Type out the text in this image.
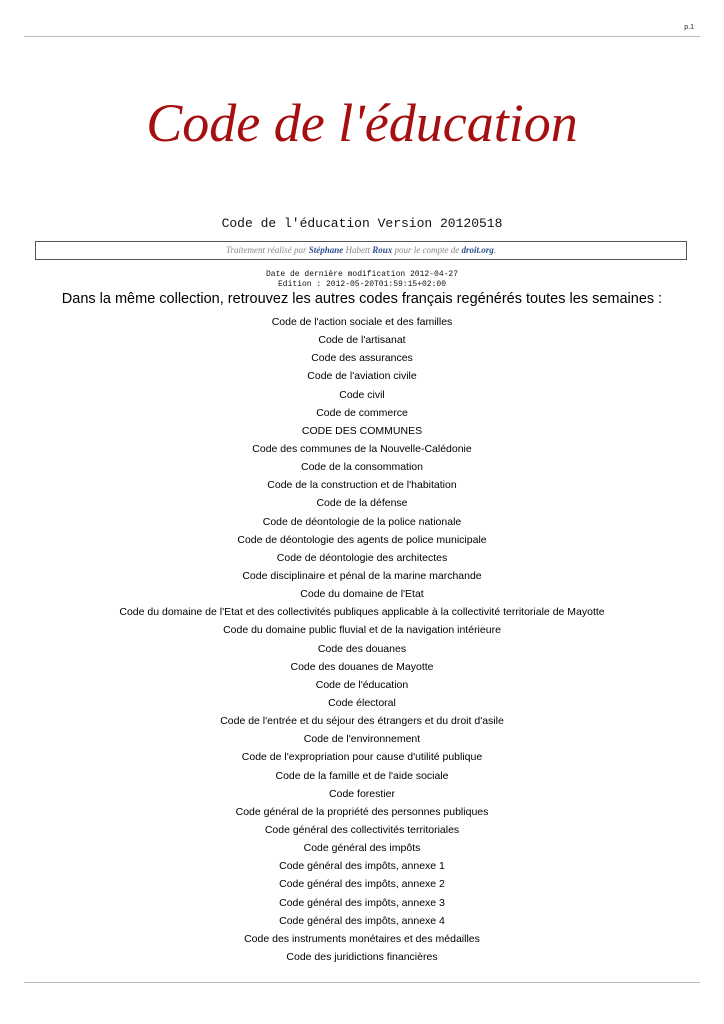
p.1
Code de l'éducation
Code de l'éducation Version 20120518
Traitement réalisé par Stéphane Habett Roux pour le compte de droit.org.
Date de dernière modification 2012-04-27
Edition : 2012-05-20T01:59:15+02:00
Dans la même collection, retrouvez les autres codes français regénérés toutes les semaines :
Code de l'action sociale et des familles
Code de l'artisanat
Code des assurances
Code de l'aviation civile
Code civil
Code de commerce
CODE DES COMMUNES
Code des communes de la Nouvelle-Calédonie
Code de la consommation
Code de la construction et de l'habitation
Code de la défense
Code de déontologie de la police nationale
Code de déontologie des agents de police municipale
Code de déontologie des architectes
Code disciplinaire et pénal de la marine marchande
Code du domaine de l'Etat
Code du domaine de l'Etat et des collectivités publiques applicable à la collectivité territoriale de Mayotte
Code du domaine public fluvial et de la navigation intérieure
Code des douanes
Code des douanes de Mayotte
Code de l'éducation
Code électoral
Code de l'entrée et du séjour des étrangers et du droit d'asile
Code de l'environnement
Code de l'expropriation pour cause d'utilité publique
Code de la famille et de l'aide sociale
Code forestier
Code général de la propriété des personnes publiques
Code général des collectivités territoriales
Code général des impôts
Code général des impôts, annexe 1
Code général des impôts, annexe 2
Code général des impôts, annexe 3
Code général des impôts, annexe 4
Code des instruments monétaires et des médailles
Code des juridictions financières
